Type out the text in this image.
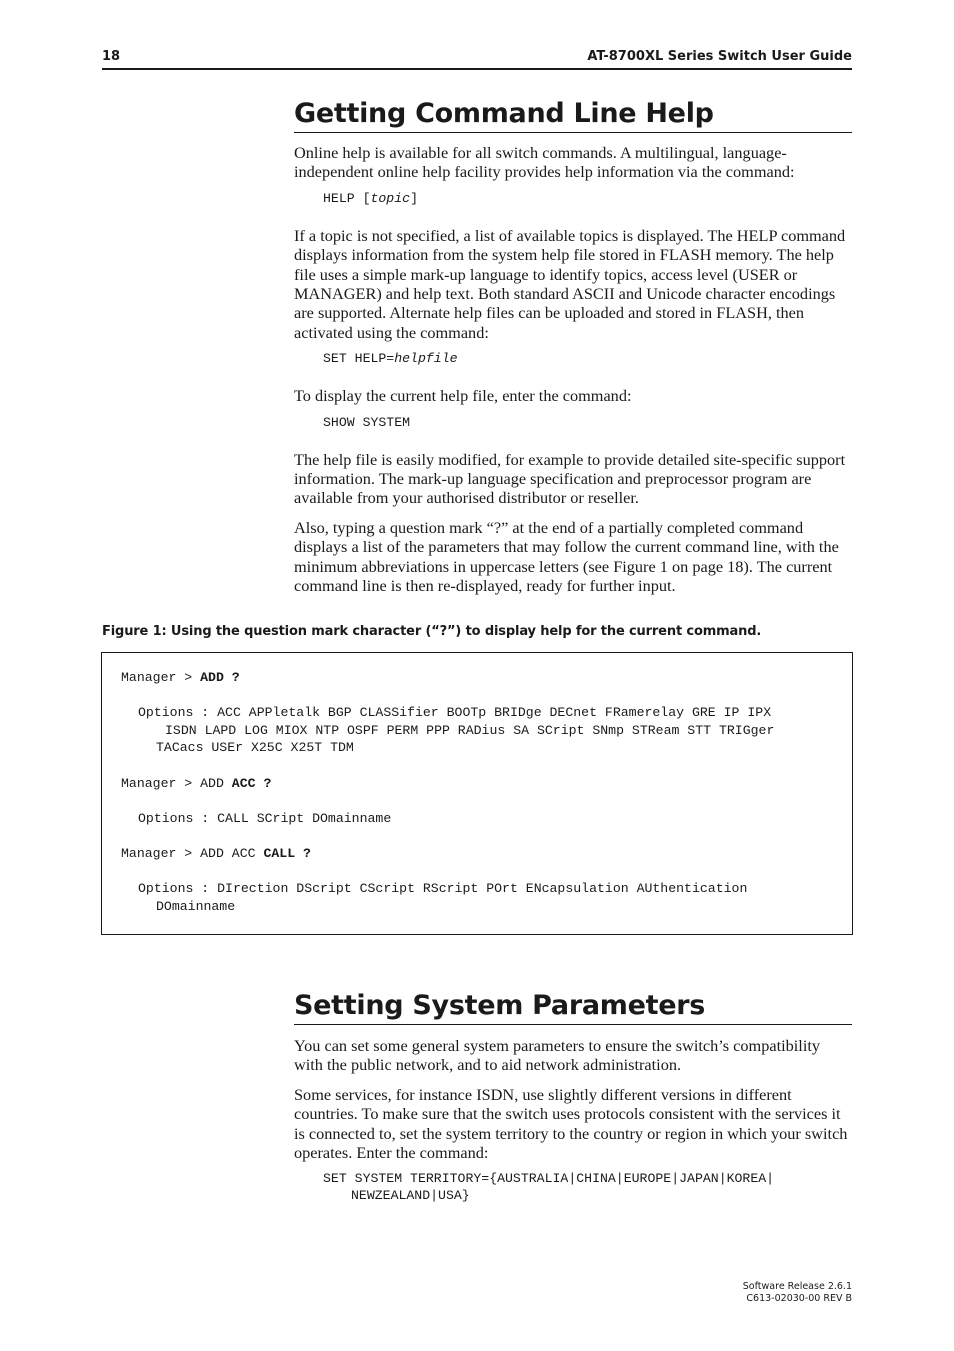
18	AT-8700XL Series Switch User Guide
Getting Command Line Help

Online help is available for all switch commands. A multilingual, language-independent online help facility provides help information via the command:

HELP [topic]

If a topic is not specified, a list of available topics is displayed. The HELP command displays information from the system help file stored in FLASH memory. The help file uses a simple mark-up language to identify topics, access level (USER or MANAGER) and help text. Both standard ASCII and Unicode character encodings are supported. Alternate help files can be uploaded and stored in FLASH, then activated using the command:

SET HELP=helpfile

To display the current help file, enter the command:

SHOW SYSTEM

The help file is easily modified, for example to provide detailed site-specific support information. The mark-up language specification and preprocessor program are available from your authorised distributor or reseller.

Also, typing a question mark “?” at the end of a partially completed command displays a list of the parameters that may follow the current command line, with the minimum abbreviations in uppercase letters (see Figure 1 on page 18). The current command line is then re-displayed, ready for further input.

Figure 1: Using the question mark character (“?”) to display help for the current command.
Manager > ADD ?
Options : ACC APPletalk BGP CLASSifier BOOTp BRIDge DECnet FRamerelay GRE IP IPX
ISDN LAPD LOG MIOX NTP OSPF PERM PPP RADius SA SCript SNmp STReam STT TRIGger
TACacs USEr X25C X25T TDM
Manager > ADD ACC ?
Options : CALL SCript DOmainname
Manager > ADD ACC CALL ?
Options : DIrection DScript CScript RScript POrt ENcapsulation AUthentication
DOmainname
Setting System Parameters

You can set some general system parameters to ensure the switch’s compatibility with the public network, and to aid network administration.

Some services, for instance ISDN, use slightly different versions in different countries. To make sure that the switch uses protocols consistent with the services it is connected to, set the system territory to the country or region in which your switch operates. Enter the command:

SET SYSTEM TERRITORY={AUSTRALIA|CHINA|EUROPE|JAPAN|KOREA|
NEWZEALAND|USA}
Software Release 2.6.1
C613-02030-00 REV B
